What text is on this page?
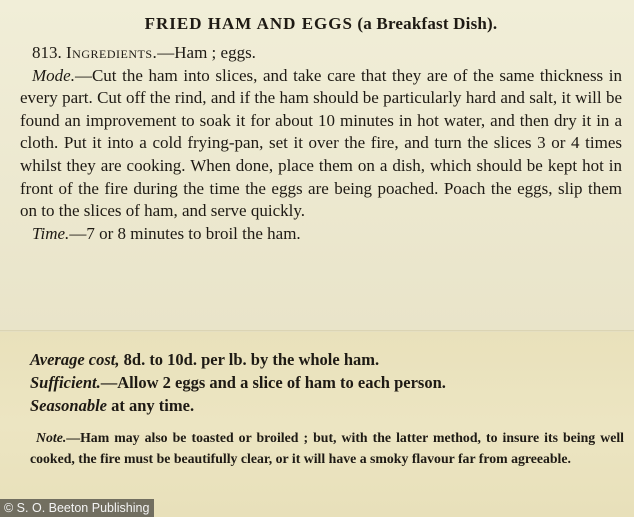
FRIED HAM AND EGGS (a Breakfast Dish).

813. Ingredients.—Ham ; eggs.

Mode.—Cut the ham into slices, and take care that they are of the same thickness in every part. Cut off the rind, and if the ham should be particularly hard and salt, it will be found an improvement to soak it for about 10 minutes in hot water, and then dry it in a cloth. Put it into a cold frying-pan, set it over the fire, and turn the slices 3 or 4 times whilst they are cooking. When done, place them on a dish, which should be kept hot in front of the fire during the time the eggs are being poached. Poach the eggs, slip them on to the slices of ham, and serve quickly.

Time.—7 or 8 minutes to broil the ham.

Average cost, 8d. to 10d. per lb. by the whole ham.

Sufficient.—Allow 2 eggs and a slice of ham to each person.

Seasonable at any time.

Note.—Ham may also be toasted or broiled ; but, with the latter method, to insure its being well cooked, the fire must be beautifully clear, or it will have a smoky flavour far from agreeable.

© S. O. Beeton Publishing
